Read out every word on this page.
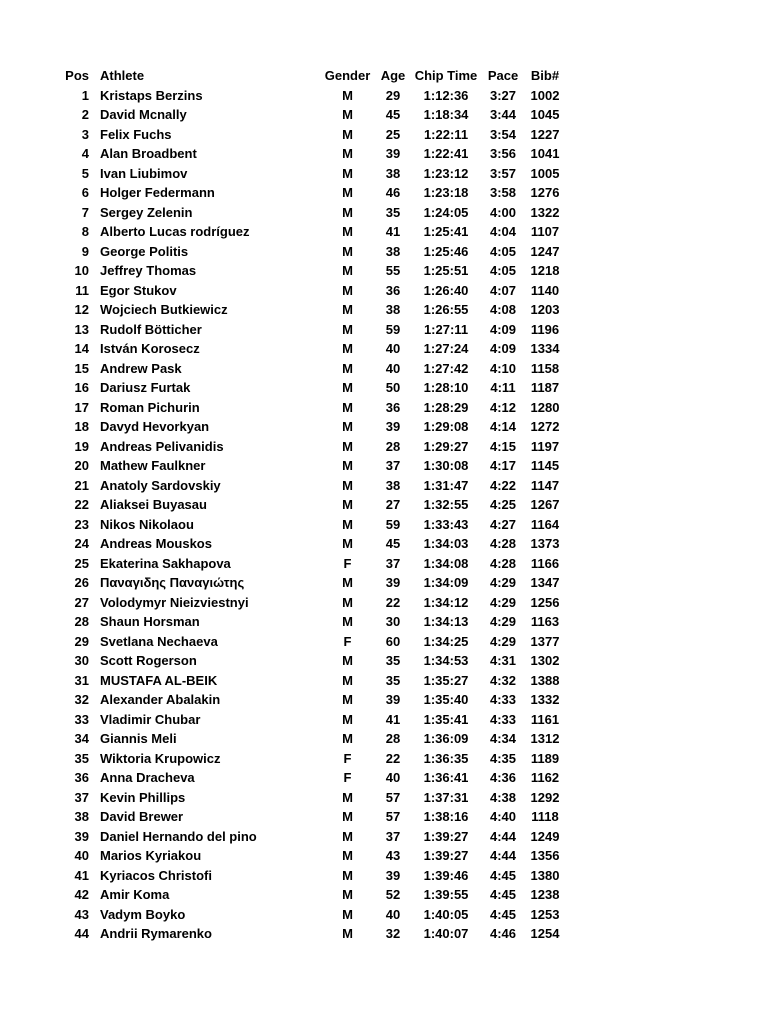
Pos	Athlete	Gender	Age	Chip Time	Pace	Bib#
1	Kristaps Berzins	M	29	1:12:36	3:27	1002
2	David Mcnally	M	45	1:18:34	3:44	1045
3	Felix Fuchs	M	25	1:22:11	3:54	1227
4	Alan Broadbent	M	39	1:22:41	3:56	1041
5	Ivan Liubimov	M	38	1:23:12	3:57	1005
6	Holger Federmann	M	46	1:23:18	3:58	1276
7	Sergey Zelenin	M	35	1:24:05	4:00	1322
8	Alberto Lucas rodríguez	M	41	1:25:41	4:04	1107
9	George Politis	M	38	1:25:46	4:05	1247
10	Jeffrey Thomas	M	55	1:25:51	4:05	1218
11	Egor Stukov	M	36	1:26:40	4:07	1140
12	Wojciech Butkiewicz	M	38	1:26:55	4:08	1203
13	Rudolf Bötticher	M	59	1:27:11	4:09	1196
14	István Korosecz	M	40	1:27:24	4:09	1334
15	Andrew Pask	M	40	1:27:42	4:10	1158
16	Dariusz Furtak	M	50	1:28:10	4:11	1187
17	Roman Pichurin	M	36	1:28:29	4:12	1280
18	Davyd Hevorkyan	M	39	1:29:08	4:14	1272
19	Andreas Pelivanidis	M	28	1:29:27	4:15	1197
20	Mathew Faulkner	M	37	1:30:08	4:17	1145
21	Anatoly Sardovskiy	M	38	1:31:47	4:22	1147
22	Aliaksei Buyasau	M	27	1:32:55	4:25	1267
23	Nikos Nikolaou	M	59	1:33:43	4:27	1164
24	Andreas Mouskos	M	45	1:34:03	4:28	1373
25	Ekaterina Sakhapova	F	37	1:34:08	4:28	1166
26	Παναγιδης Παναγιώτης	M	39	1:34:09	4:29	1347
27	Volodymyr Nieizviestnyi	M	22	1:34:12	4:29	1256
28	Shaun Horsman	M	30	1:34:13	4:29	1163
29	Svetlana Nechaeva	F	60	1:34:25	4:29	1377
30	Scott Rogerson	M	35	1:34:53	4:31	1302
31	MUSTAFA AL-BEIK	M	35	1:35:27	4:32	1388
32	Alexander Abalakin	M	39	1:35:40	4:33	1332
33	Vladimir Chubar	M	41	1:35:41	4:33	1161
34	Giannis Meli	M	28	1:36:09	4:34	1312
35	Wiktoria Krupowicz	F	22	1:36:35	4:35	1189
36	Anna Dracheva	F	40	1:36:41	4:36	1162
37	Kevin Phillips	M	57	1:37:31	4:38	1292
38	David Brewer	M	57	1:38:16	4:40	1118
39	Daniel Hernando del pino	M	37	1:39:27	4:44	1249
40	Marios Kyriakou	M	43	1:39:27	4:44	1356
41	Kyriacos Christofi	M	39	1:39:46	4:45	1380
42	Amir Koma	M	52	1:39:55	4:45	1238
43	Vadym Boyko	M	40	1:40:05	4:45	1253
44	Andrii Rymarenko	M	32	1:40:07	4:46	1254
